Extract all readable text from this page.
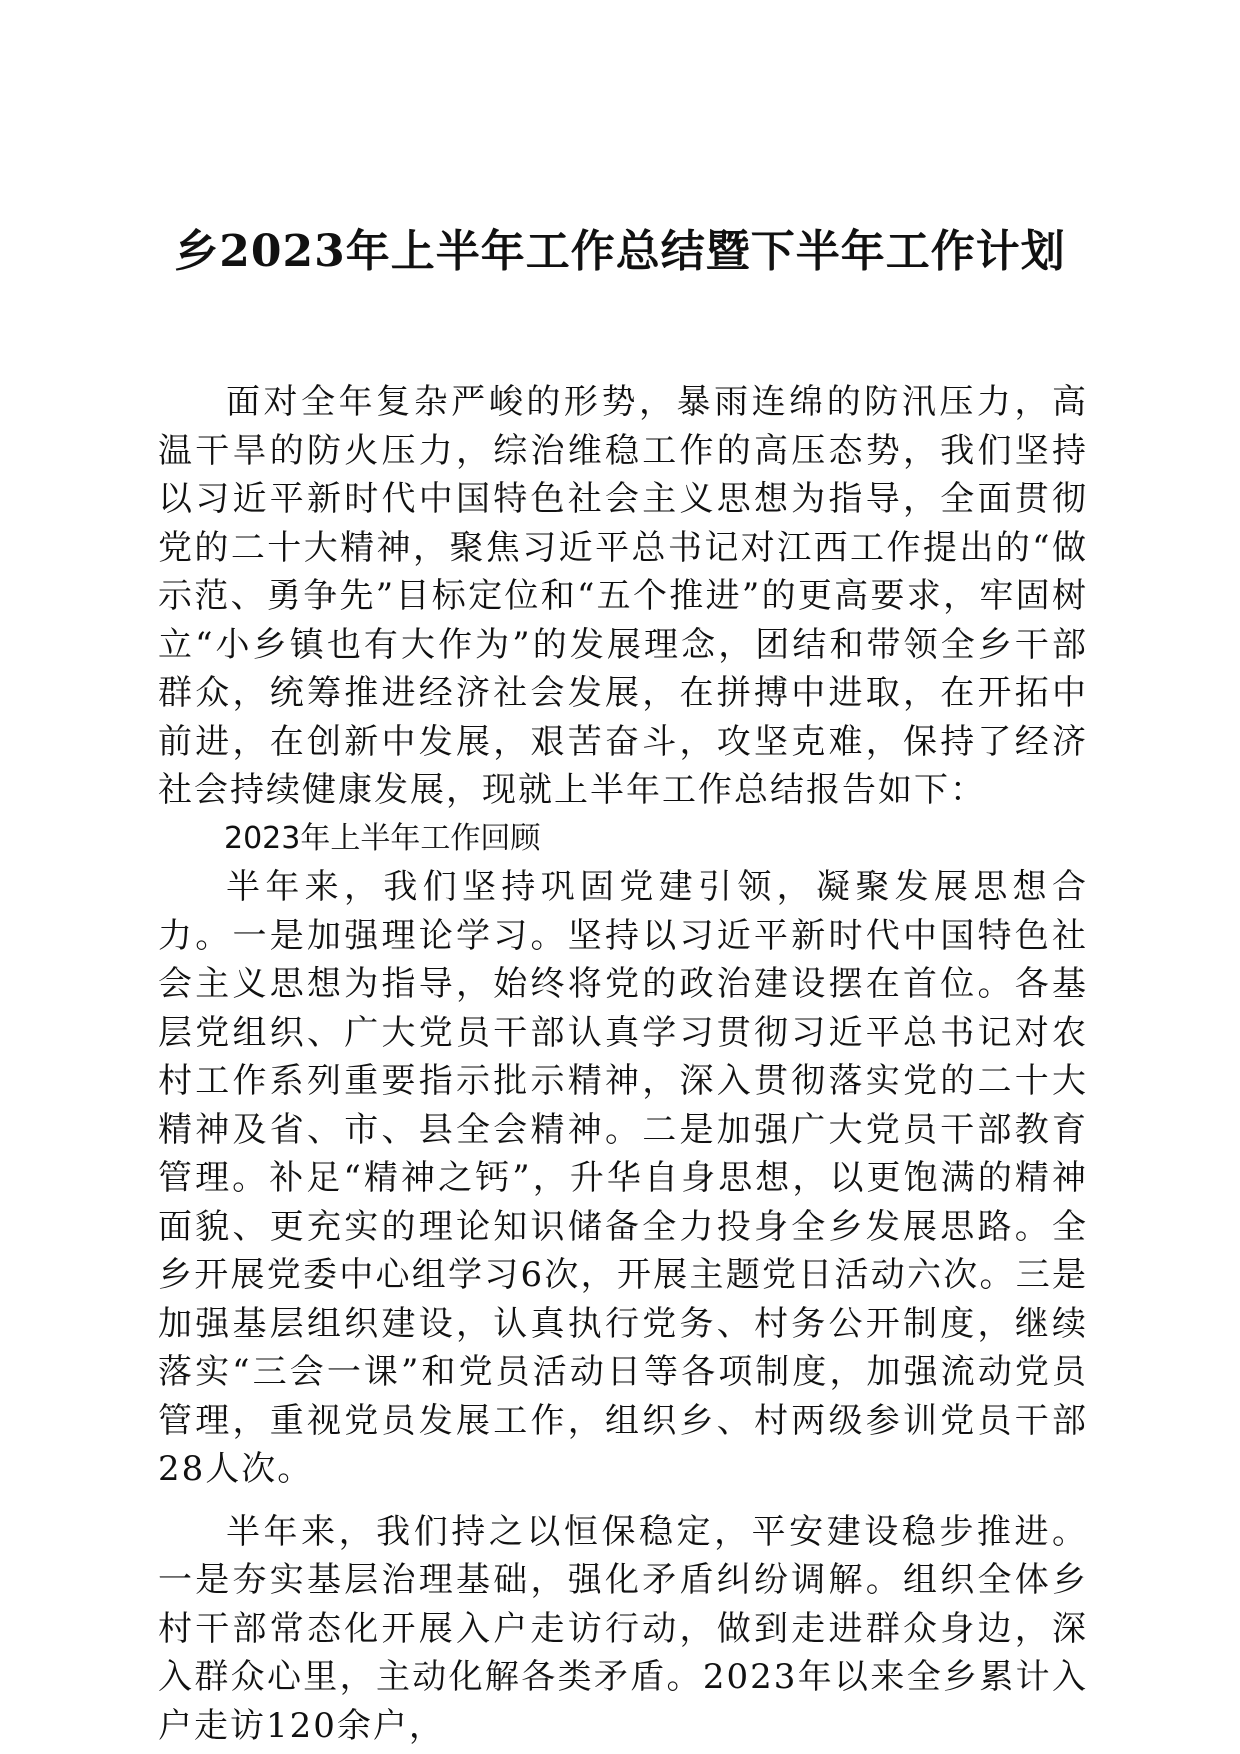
乡2023年上半年工作总结暨下半年工作计划

面对全年复杂严峻的形势，暴雨连绵的防汛压力，高温干旱的防火压力，综治维稳工作的高压态势，我们坚持以习近平新时代中国特色社会主义思想为指导，全面贯彻党的二十大精神，聚焦习近平总书记对江西工作提出的“做示范、勇争先”目标定位和“五个推进”的更高要求，牢固树立“小乡镇也有大作为”的发展理念，团结和带领全乡干部群众，统筹推进经济社会发展，在拼搏中进取，在开拓中前进，在创新中发展，艰苦奋斗，攻坚克难，保持了经济社会持续健康发展，现就上半年工作总结报告如下：

2023年上半年工作回顾

半年来，我们坚持巩固党建引领，凝聚发展思想合力。一是加强理论学习。坚持以习近平新时代中国特色社会主义思想为指导，始终将党的政治建设摆在首位。各基层党组织、广大党员干部认真学习贯彻习近平总书记对农村工作系列重要指示批示精神，深入贯彻落实党的二十大精神及省、市、县全会精神。二是加强广大党员干部教育管理。补足“精神之钙”，升华自身思想，以更饱满的精神面貌、更充实的理论知识储备全力投身全乡发展思路。全乡开展党委中心组学习6次，开展主题党日活动六次。三是加强基层组织建设，认真执行党务、村务公开制度，继续落实“三会一课”和党员活动日等各项制度，加强流动党员管理，重视党员发展工作，组织乡、村两级参训党员干部28人次。

半年来，我们持之以恒保稳定，平安建设稳步推进。一是夯实基层治理基础，强化矛盾纠纷调解。组织全体乡村干部常态化开展入户走访行动，做到走进群众身边，深入群众心里，主动化解各类矛盾。2023年以来全乡累计入户走访120余户，
